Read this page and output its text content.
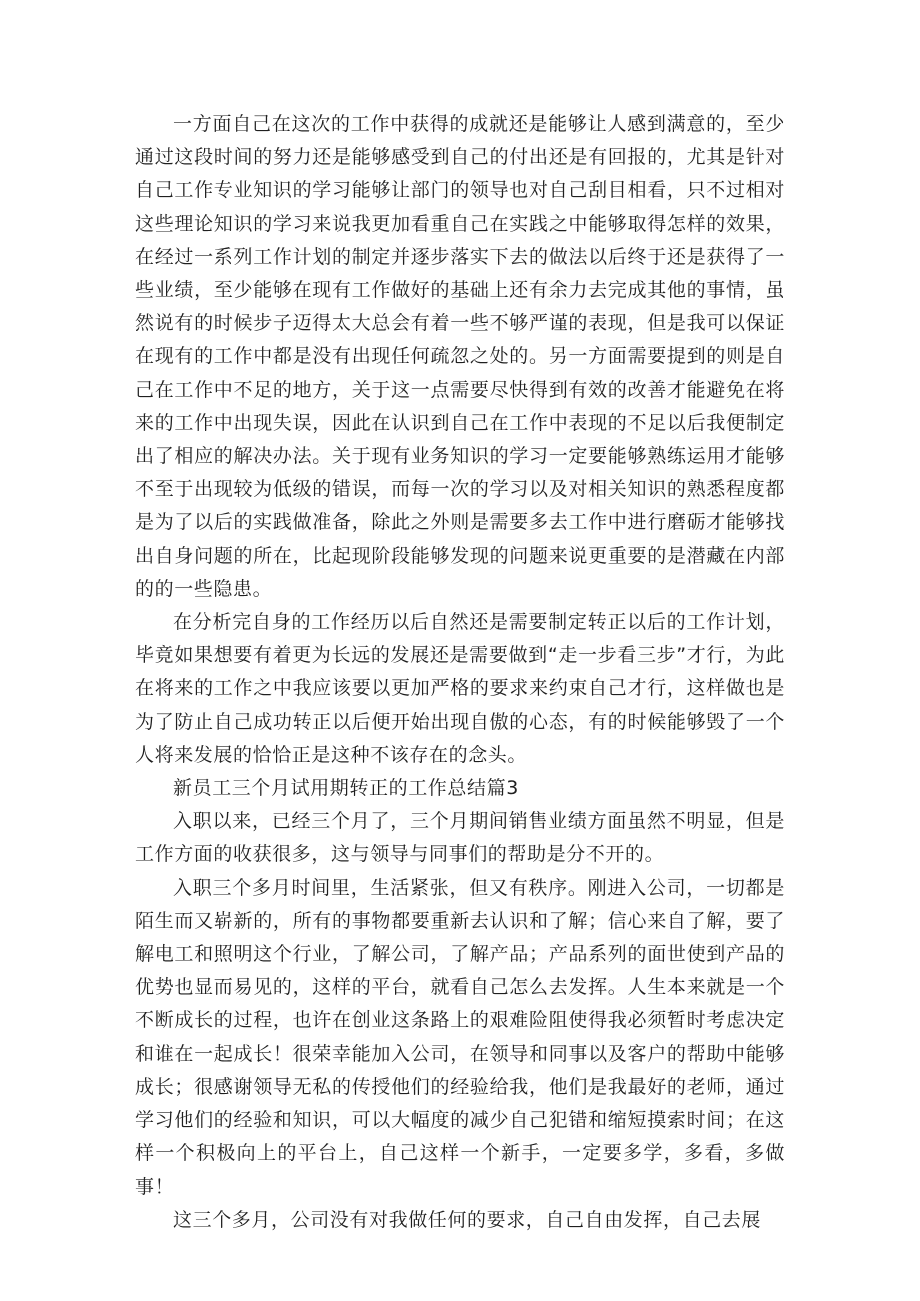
一方面自己在这次的工作中获得的成就还是能够让人感到满意的，至少通过这段时间的努力还是能够感受到自己的付出还是有回报的，尤其是针对自己工作专业知识的学习能够让部门的领导也对自己刮目相看，只不过相对这些理论知识的学习来说我更加看重自己在实践之中能够取得怎样的效果，在经过一系列工作计划的制定并逐步落实下去的做法以后终于还是获得了一些业绩，至少能够在现有工作做好的基础上还有余力去完成其他的事情，虽然说有的时候步子迈得太大总会有着一些不够严谨的表现，但是我可以保证在现有的工作中都是没有出现任何疏忽之处的。另一方面需要提到的则是自己在工作中不足的地方，关于这一点需要尽快得到有效的改善才能避免在将来的工作中出现失误，因此在认识到自己在工作中表现的不足以后我便制定出了相应的解决办法。关于现有业务知识的学习一定要能够熟练运用才能够不至于出现较为低级的错误，而每一次的学习以及对相关知识的熟悉程度都是为了以后的实践做准备，除此之外则是需要多去工作中进行磨砺才能够找出自身问题的所在，比起现阶段能够发现的问题来说更重要的是潜藏在内部的的一些隐患。

在分析完自身的工作经历以后自然还是需要制定转正以后的工作计划，毕竟如果想要有着更为长远的发展还是需要做到“走一步看三步”才行，为此在将来的工作之中我应该要以更加严格的要求来约束自己才行，这样做也是为了防止自己成功转正以后便开始出现自傲的心态，有的时候能够毁了一个人将来发展的恰恰正是这种不该存在的念头。

新员工三个月试用期转正的工作总结篇3

入职以来，已经三个月了，三个月期间销售业绩方面虽然不明显，但是工作方面的收获很多，这与领导与同事们的帮助是分不开的。

入职三个多月时间里，生活紧张，但又有秩序。刚进入公司，一切都是陌生而又崭新的，所有的事物都要重新去认识和了解；信心来自了解，要了解电工和照明这个行业，了解公司，了解产品；产品系列的面世使到产品的优势也显而易见的，这样的平台，就看自己怎么去发挥。人生本来就是一个不断成长的过程，也许在创业这条路上的艰难险阻使得我必须暂时考虑决定和谁在一起成长！很荣幸能加入公司，在领导和同事以及客户的帮助中能够成长；很感谢领导无私的传授他们的经验给我，他们是我最好的老师，通过学习他们的经验和知识，可以大幅度的减少自己犯错和缩短摸索时间；在这样一个积极向上的平台上，自己这样一个新手，一定要多学，多看，多做事！

这三个多月，公司没有对我做任何的要求，自己自由发挥，自己去展
